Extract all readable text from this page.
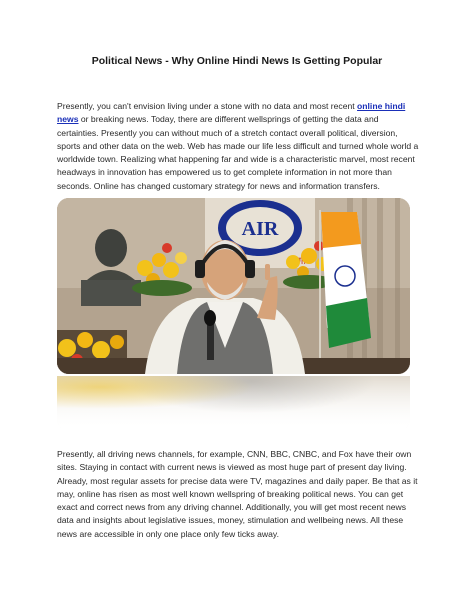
Political News - Why Online Hindi News Is Getting Popular

Presently, you can't envision living under a stone with no data and most recent online hindi news or breaking news. Today, there are different wellsprings of getting the data and certainties. Presently you can without much of a stretch contact overall political, diversion, sports and other data on the web. Web has made our life less difficult and turned whole world a worldwide town. Realizing what happening far and wide is a characteristic marvel, most recent headways in innovation has empowered us to get complete information in not more than seconds. Online has changed customary strategy for news and information transfers.

AIR

Presently, all driving news channels, for example, CNN, BBC, CNBC, and Fox have their own sites. Staying in contact with current news is viewed as most huge part of present day living. Already, most regular assets for precise data were TV, magazines and daily paper. Be that as it may, online has risen as most well known wellspring of breaking political news. You can get exact and correct news from any driving channel. Additionally, you will get most recent news data and insights about legislative issues, money, stimulation and wellbeing news. All these news are accessible in only one place only few ticks away.
